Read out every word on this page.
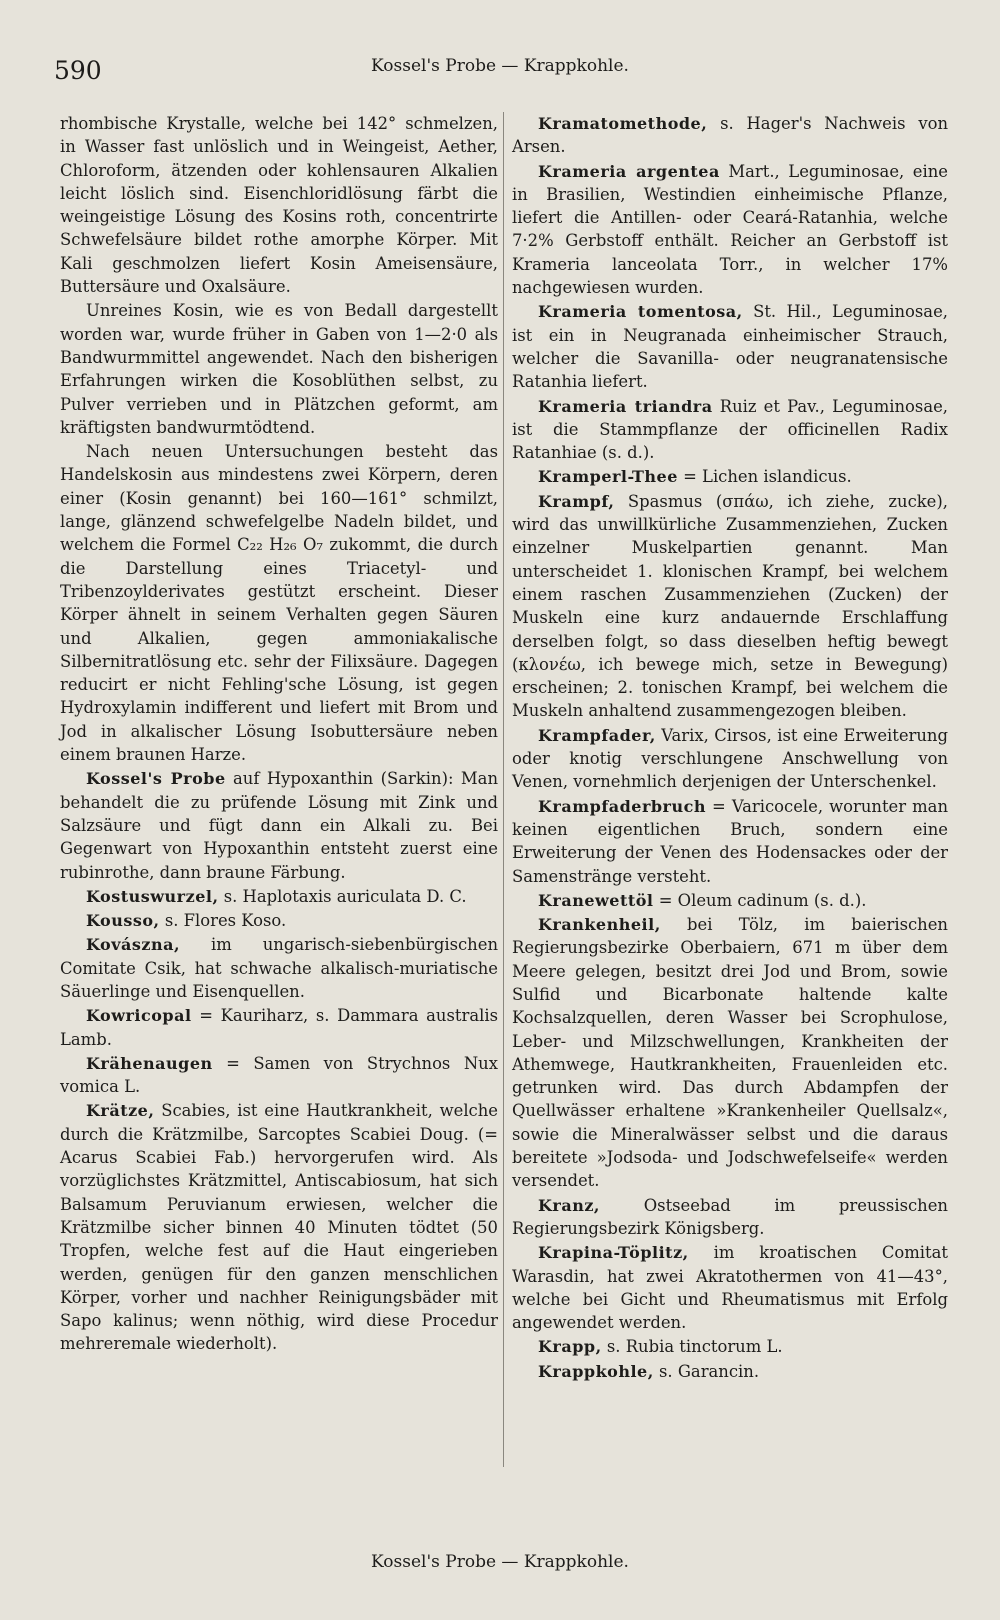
590	Kossel's Probe — Krappkohle.

rhombische Krystalle, welche bei 142° schmelzen, in Wasser fast unlöslich und in Weingeist, Aether, Chloroform, ätzenden oder kohlensauren Alkalien leicht löslich sind. Eisenchloridlösung färbt die weingeistige Lösung des Kosins roth, concentrirte Schwefelsäure bildet rothe amorphe Körper. Mit Kali geschmolzen liefert Kosin Ameisensäure, Buttersäure und Oxalsäure.

Unreines Kosin, wie es von Bedall dargestellt worden war, wurde früher in Gaben von 1—2·0 als Bandwurmmittel angewendet. Nach den bisherigen Erfahrungen wirken die Kosoblüthen selbst, zu Pulver verrieben und in Plätzchen geformt, am kräftigsten bandwurmtödtend.

Nach neuen Untersuchungen besteht das Handelskosin aus mindestens zwei Körpern, deren einer (Kosin genannt) bei 160—161° schmilzt, lange, glänzend schwefelgelbe Nadeln bildet, und welchem die Formel C₂₂ H₂₆ O₇ zukommt, die durch die Darstellung eines Triacetyl- und Tribenzoylderivates gestützt erscheint. Dieser Körper ähnelt in seinem Verhalten gegen Säuren und Alkalien, gegen ammoniakalische Silbernitratlösung etc. sehr der Filixsäure. Dagegen reducirt er nicht Fehling'sche Lösung, ist gegen Hydroxylamin indifferent und liefert mit Brom und Jod in alkalischer Lösung Isobuttersäure neben einem braunen Harze.

Kossel's Probe auf Hypoxanthin (Sarkin): Man behandelt die zu prüfende Lösung mit Zink und Salzsäure und fügt dann ein Alkali zu. Bei Gegenwart von Hypoxanthin entsteht zuerst eine rubinrothe, dann braune Färbung.

Kostuswurzel, s. Haplotaxis auriculata D. C.

Kousso, s. Flores Koso.

Kovászna, im ungarisch-siebenbürgischen Comitate Csik, hat schwache alkalisch-muriatische Säuerlinge und Eisenquellen.

Kowricopal = Kauriharz, s. Dammara australis Lamb.

Krähenaugen = Samen von Strychnos Nux vomica L.

Krätze, Scabies, ist eine Hautkrankheit, welche durch die Krätzmilbe, Sarcoptes Scabiei Doug. (= Acarus Scabiei Fab.) hervorgerufen wird. Als vorzüglichstes Krätzmittel, Antiscabiosum, hat sich Balsamum Peruvianum erwiesen, welcher die Krätzmilbe sicher binnen 40 Minuten tödtet (50 Tropfen, welche fest auf die Haut eingerieben werden, genügen für den ganzen menschlichen Körper, vorher und nachher Reinigungsbäder mit Sapo kalinus; wenn nöthig, wird diese Procedur mehreremale wiederholt).

Kramatomethode, s. Hager's Nachweis von Arsen.

Krameria argentea Mart., Leguminosae, eine in Brasilien, Westindien einheimische Pflanze, liefert die Antillen- oder Ceará-Ratanhia, welche 7·2% Gerbstoff enthält. Reicher an Gerbstoff ist Krameria lanceolata Torr., in welcher 17% nachgewiesen wurden.

Krameria tomentosa, St. Hil., Leguminosae, ist ein in Neugranada einheimischer Strauch, welcher die Savanilla- oder neugranatensische Ratanhia liefert.

Krameria triandra Ruiz et Pav., Leguminosae, ist die Stammpflanze der officinellen Radix Ratanhiae (s. d.).

Kramperl-Thee = Lichen islandicus.

Krampf, Spasmus (σπάω, ich ziehe, zucke), wird das unwillkürliche Zusammenziehen, Zucken einzelner Muskelpartien genannt. Man unterscheidet 1. klonischen Krampf, bei welchem einem raschen Zusammenziehen (Zucken) der Muskeln eine kurz andauernde Erschlaffung derselben folgt, so dass dieselben heftig bewegt (κλονέω, ich bewege mich, setze in Bewegung) erscheinen; 2. tonischen Krampf, bei welchem die Muskeln anhaltend zusammengezogen bleiben.

Krampfader, Varix, Cirsos, ist eine Erweiterung oder knotig verschlungene Anschwellung von Venen, vornehmlich derjenigen der Unterschenkel.

Krampfaderbruch = Varicocele, worunter man keinen eigentlichen Bruch, sondern eine Erweiterung der Venen des Hodensackes oder der Samenstränge versteht.

Kranewettöl = Oleum cadinum (s. d.).

Krankenheil, bei Tölz, im baierischen Regierungsbezirke Oberbaiern, 671 m über dem Meere gelegen, besitzt drei Jod und Brom, sowie Sulfid und Bicarbonate haltende kalte Kochsalzquellen, deren Wasser bei Scrophulose, Leber- und Milzschwellungen, Krankheiten der Athemwege, Hautkrankheiten, Frauenleiden etc. getrunken wird. Das durch Abdampfen der Quellwässer erhaltene »Krankenheiler Quellsalz«, sowie die Mineralwässer selbst und die daraus bereitete »Jodsoda- und Jodschwefelseife« werden versendet.

Kranz, Ostseebad im preussischen Regierungsbezirk Königsberg.

Krapina-Töplitz, im kroatischen Comitat Warasdin, hat zwei Akratothermen von 41—43°, welche bei Gicht und Rheumatismus mit Erfolg angewendet werden.

Krapp, s. Rubia tinctorum L.

Krappkohle, s. Garancin.

Kossel's Probe — Krappkohle.
